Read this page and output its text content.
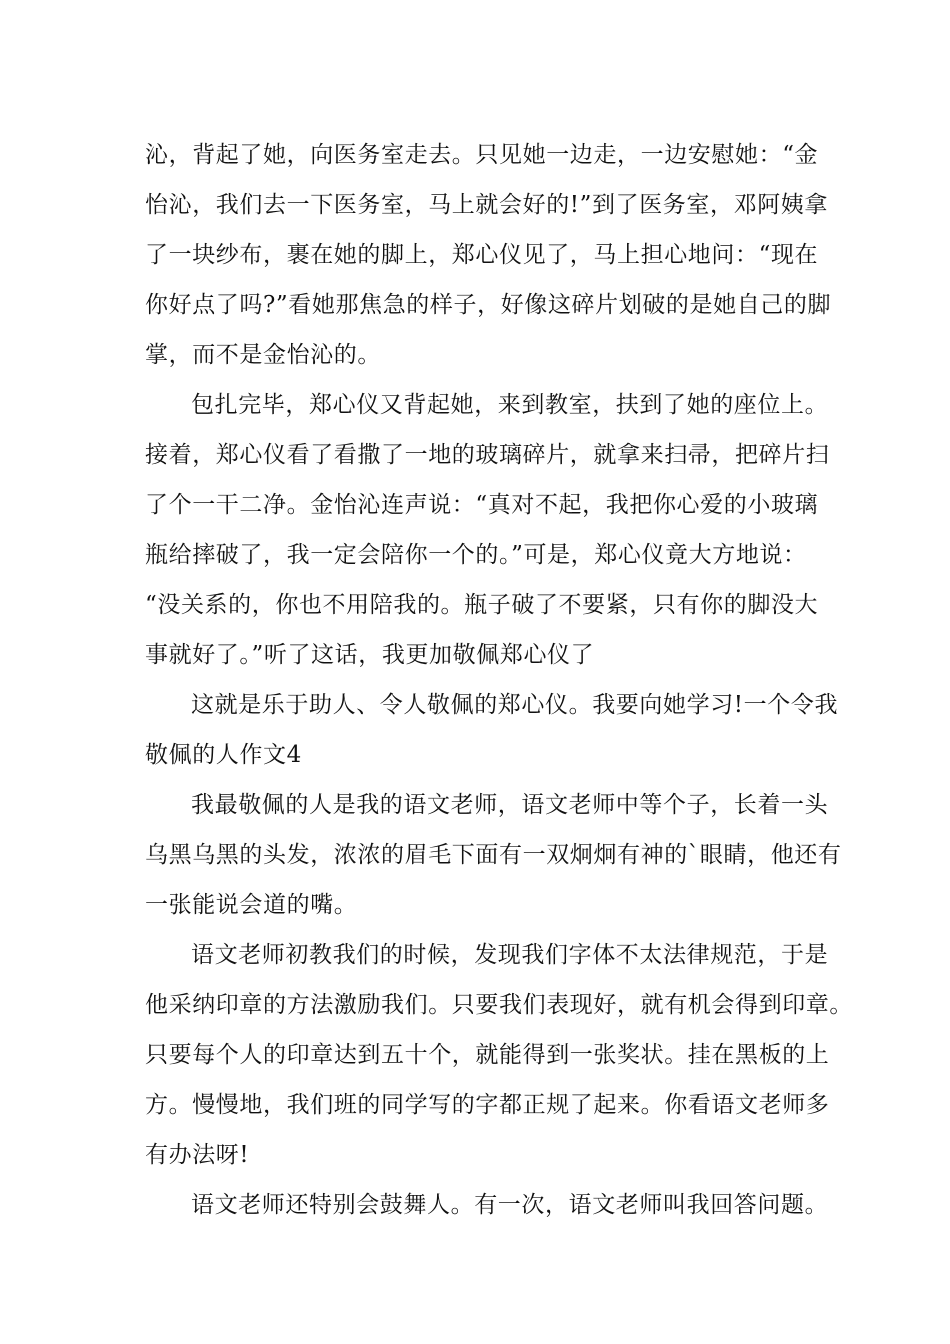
沁，背起了她，向医务室走去。只见她一边走，一边安慰她：“金
怡沁，我们去一下医务室，马上就会好的!”到了医务室，邓阿姨拿
了一块纱布，裹在她的脚上，郑心仪见了，马上担心地问：“现在
你好点了吗?”看她那焦急的样子，好像这碎片划破的是她自己的脚
掌，而不是金怡沁的。
包扎完毕，郑心仪又背起她，来到教室，扶到了她的座位上。
接着，郑心仪看了看撒了一地的玻璃碎片，就拿来扫帚，把碎片扫
了个一干二净。金怡沁连声说：“真对不起，我把你心爱的小玻璃
瓶给摔破了，我一定会陪你一个的。”可是，郑心仪竟大方地说：
“没关系的，你也不用陪我的。瓶子破了不要紧，只有你的脚没大
事就好了。”听了这话，我更加敬佩郑心仪了
这就是乐于助人、令人敬佩的郑心仪。我要向她学习!一个令我
敬佩的人作文4
我最敬佩的人是我的语文老师，语文老师中等个子，长着一头
乌黑乌黑的头发，浓浓的眉毛下面有一双炯炯有神的`眼睛，他还有
一张能说会道的嘴。
语文老师初教我们的时候，发现我们字体不太法律规范，于是
他采纳印章的方法激励我们。只要我们表现好，就有机会得到印章。
只要每个人的印章达到五十个，就能得到一张奖状。挂在黑板的上
方。慢慢地，我们班的同学写的字都正规了起来。你看语文老师多
有办法呀!
语文老师还特别会鼓舞人。有一次，语文老师叫我回答问题。
